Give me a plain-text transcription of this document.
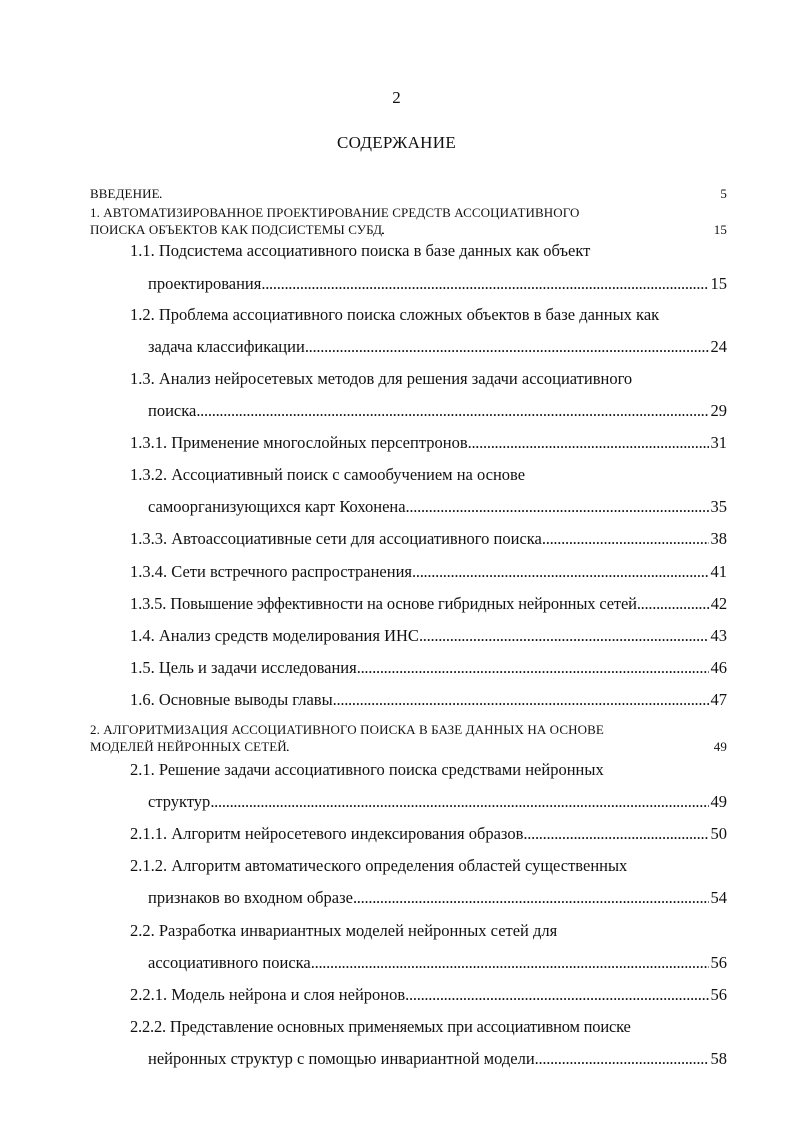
2
СОДЕРЖАНИЕ
ВВЕДЕНИЕ . . .	5
1. АВТОМАТИЗИРОВАННОЕ ПРОЕКТИРОВАНИЕ СРЕДСТВ АССОЦИАТИВНОГО
ПОИСКА ОБЪЕКТОВ КАК ПОДСИСТЕМЫ СУБД . . .	15
1.1. Подсистема ассоциативного поиска в базе данных как объект
проектирования . . .	15
1.2. Проблема ассоциативного поиска сложных объектов в базе данных как
задача классификации . . .	24
1.3. Анализ нейросетевых методов для решения задачи ассоциативного
поиска . . .	29
1.3.1. Применение многослойных персептронов . . .	31
1.3.2. Ассоциативный поиск с самообучением на основе
самоорганизующихся карт Кохонена . . .	35
1.3.3. Автоассоциативные сети для ассоциативного поиска . . .	38
1.3.4. Сети встречного распространения . . .	41
1.3.5. Повышение эффективности на основе гибридных нейронных сетей . . .	42
1.4. Анализ средств моделирования ИНС . . .	43
1.5. Цель и задачи исследования . . .	46
1.6. Основные выводы главы . . .	47
2. АЛГОРИТМИЗАЦИЯ АССОЦИАТИВНОГО ПОИСКА В БАЗЕ ДАННЫХ НА ОСНОВЕ
МОДЕЛЕЙ НЕЙРОННЫХ СЕТЕЙ . . .	49
2.1. Решение задачи ассоциативного поиска средствами нейронных
структур . . .	49
2.1.1. Алгоритм нейросетевого индексирования образов . . .	50
2.1.2. Алгоритм автоматического определения областей существенных
признаков во входном образе . . .	54
2.2. Разработка инвариантных моделей нейронных сетей для
ассоциативного поиска . . .	56
2.2.1. Модель нейрона и слоя нейронов . . .	56
2.2.2. Представление основных применяемых при ассоциативном поиске
нейронных структур с помощью инвариантной модели . . .	58
